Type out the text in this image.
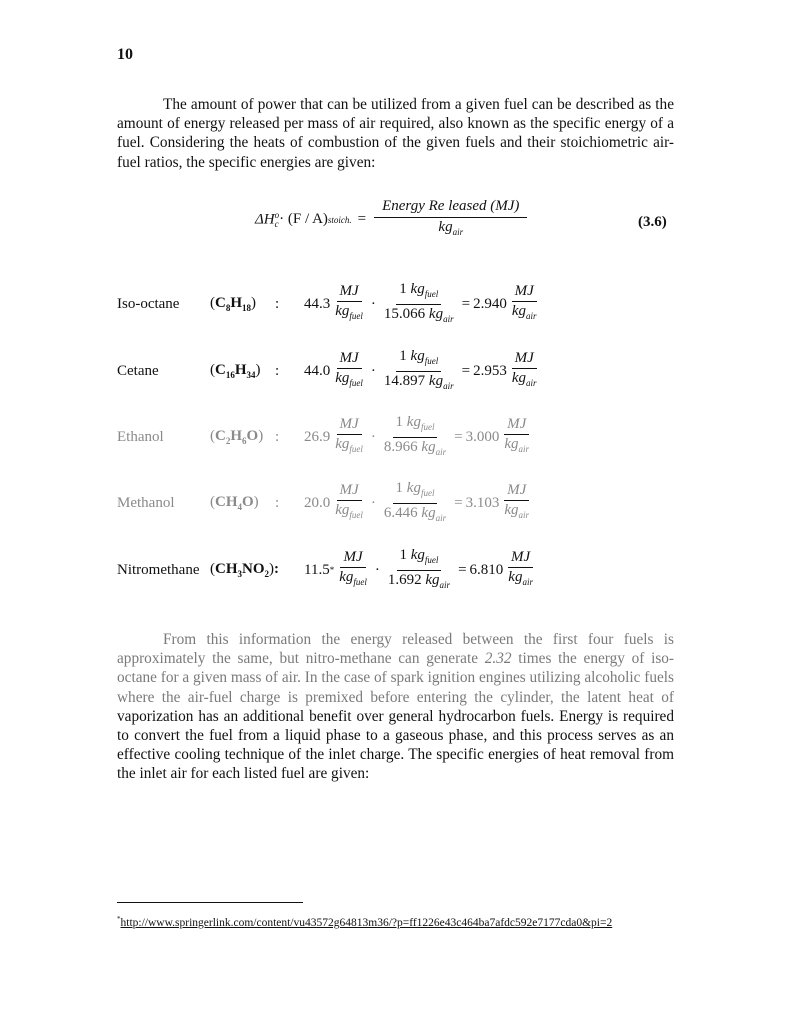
10

The amount of power that can be utilized from a given fuel can be described as the amount of energy released per mass of air required, also known as the specific energy of a fuel. Considering the heats of combustion of the given fuels and their stoichiometric air-fuel ratios, the specific energies are given:

ΔH o
c · (F / A) stoich. = $\frac{\text{Energy Re leased (MJ)}}{kg_{air}}$	(3.6)
Iso-octane	$(C_8H_{18})$ : $44.3 \frac{MJ}{kg_{fuel}} \cdot \frac{1 kg_{fuel}}{15.066 kg_{air}} = 2.940 \frac{MJ}{kg_{air}}$
Cetane	$(C_{16}H_{34})$ : $44.0 \frac{MJ}{kg_{fuel}} \cdot \frac{1 kg_{fuel}}{14.897 kg_{air}} = 2.953 \frac{MJ}{kg_{air}}$
Ethanol	$(C_2H_6O)$ : $26.9 \frac{MJ}{kg_{fuel}} \cdot \frac{1 kg_{fuel}}{8.966 kg_{air}} = 3.000 \frac{MJ}{kg_{air}}$
Methanol	$(CH_4O)$ : $20.0 \frac{MJ}{kg_{fuel}} \cdot \frac{1 kg_{fuel}}{6.446 kg_{air}} = 3.103 \frac{MJ}{kg_{air}}$
Nitromethane $(CH_3NO_2)$: $11.5 * \frac{MJ}{kg_{fuel}} \cdot \frac{1 kg_{fuel}}{1.692 kg_{air}} = 6.810 \frac{MJ}{kg_{air}}$

From this information the energy released between the first four fuels is approximately the same, but nitro-methane can generate 2.32 times the energy of iso-octane for a given mass of air. In the case of spark ignition engines utilizing alcoholic fuels where the air-fuel charge is premixed before entering the cylinder, the latent heat of vaporization has an additional benefit over general hydrocarbon fuels. Energy is required to convert the fuel from a liquid phase to a gaseous phase, and this process serves as an effective cooling technique of the inlet charge. The specific energies of heat removal from the inlet air for each listed fuel are given:

*http://www.springerlink.com/content/vu43572g64813m36/?p=ff1226e43c464ba7afdc592e7177cda0&pi=2
